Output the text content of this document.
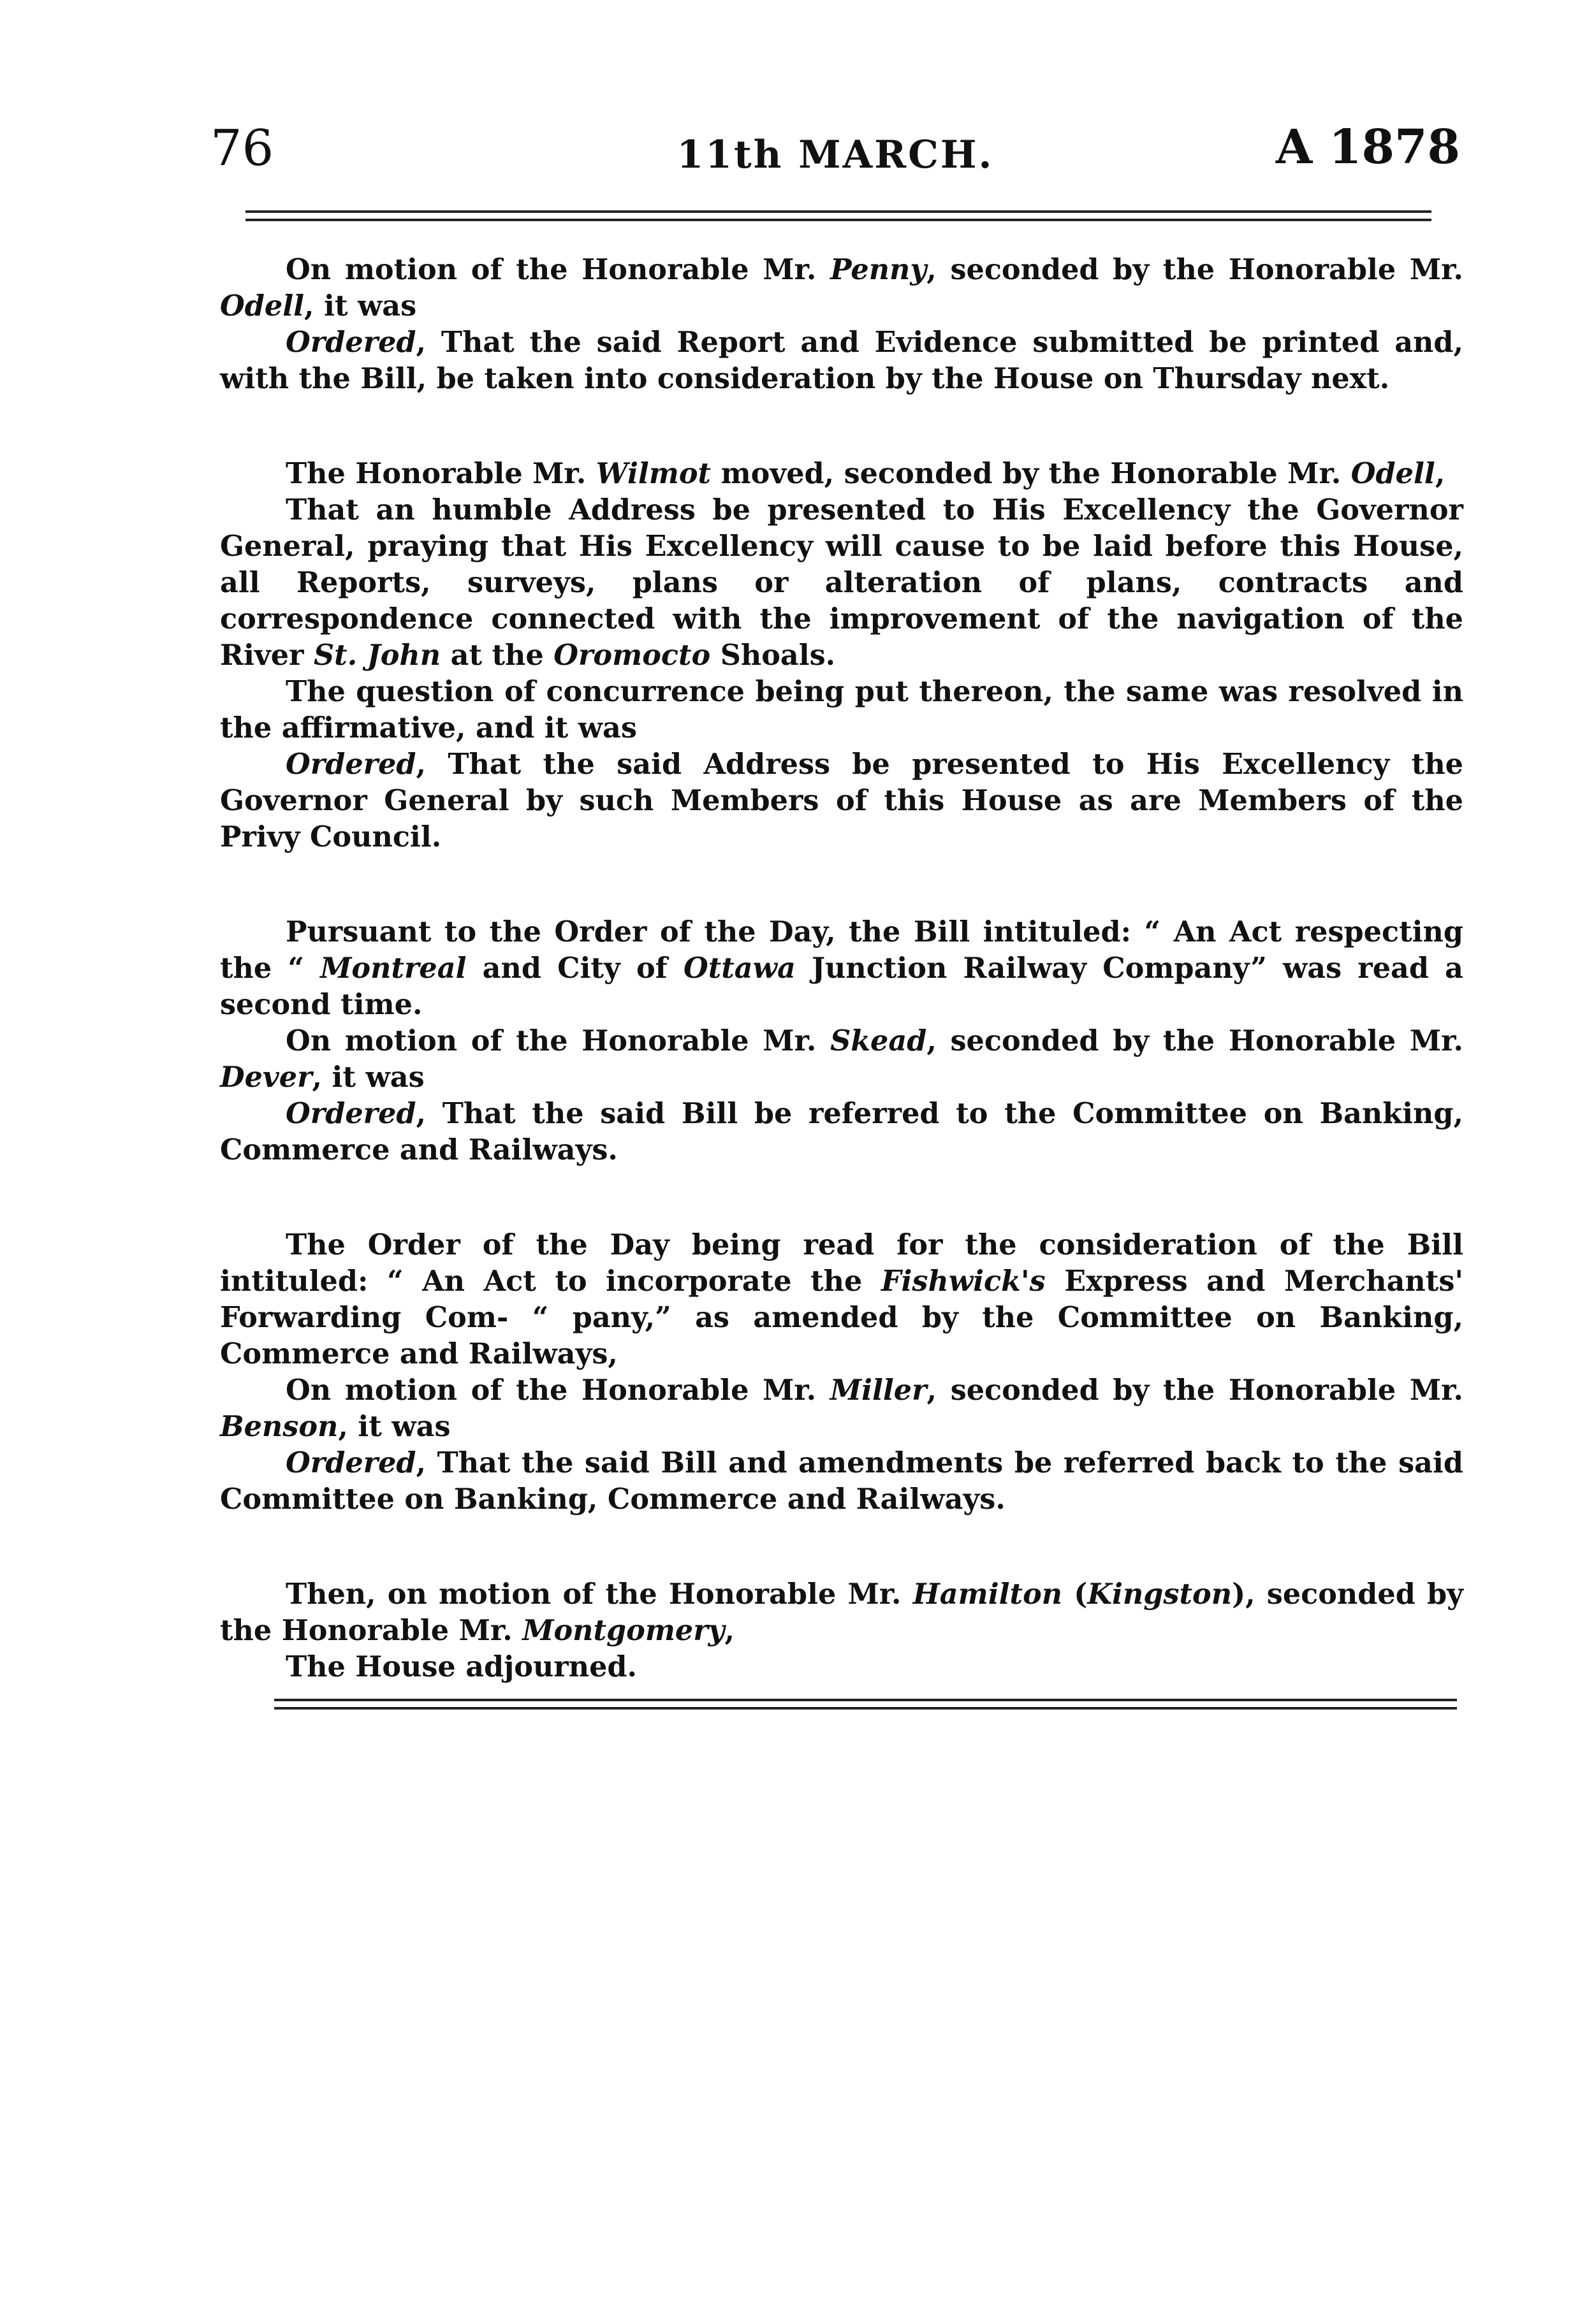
76	11th MARCH.	A 1878

On motion of the Honorable Mr. Penny, seconded by the Honorable Mr. Odell, it was

Ordered, That the said Report and Evidence submitted be printed and, with the Bill, be taken into consideration by the House on Thursday next.

The Honorable Mr. Wilmot moved, seconded by the Honorable Mr. Odell,

That an humble Address be presented to His Excellency the Governor General, praying that His Excellency will cause to be laid before this House, all Reports, surveys, plans or alteration of plans, contracts and correspondence connected with the improvement of the navigation of the River St. John at the Oromocto Shoals.

The question of concurrence being put thereon, the same was resolved in the affirmative, and it was

Ordered, That the said Address be presented to His Excellency the Governor General by such Members of this House as are Members of the Privy Council.

Pursuant to the Order of the Day, the Bill intituled: “ An Act respecting the “ Montreal and City of Ottawa Junction Railway Company” was read a second time.

On motion of the Honorable Mr. Skead, seconded by the Honorable Mr. Dever, it was

Ordered, That the said Bill be referred to the Committee on Banking, Commerce and Railways.

The Order of the Day being read for the consideration of the Bill intituled: “ An Act to incorporate the Fishwick's Express and Merchants' Forwarding Com- “ pany,” as amended by the Committee on Banking, Commerce and Railways,

On motion of the Honorable Mr. Miller, seconded by the Honorable Mr. Benson, it was

Ordered, That the said Bill and amendments be referred back to the said Committee on Banking, Commerce and Railways.

Then, on motion of the Honorable Mr. Hamilton (Kingston), seconded by the Honorable Mr. Montgomery,

The House adjourned.
